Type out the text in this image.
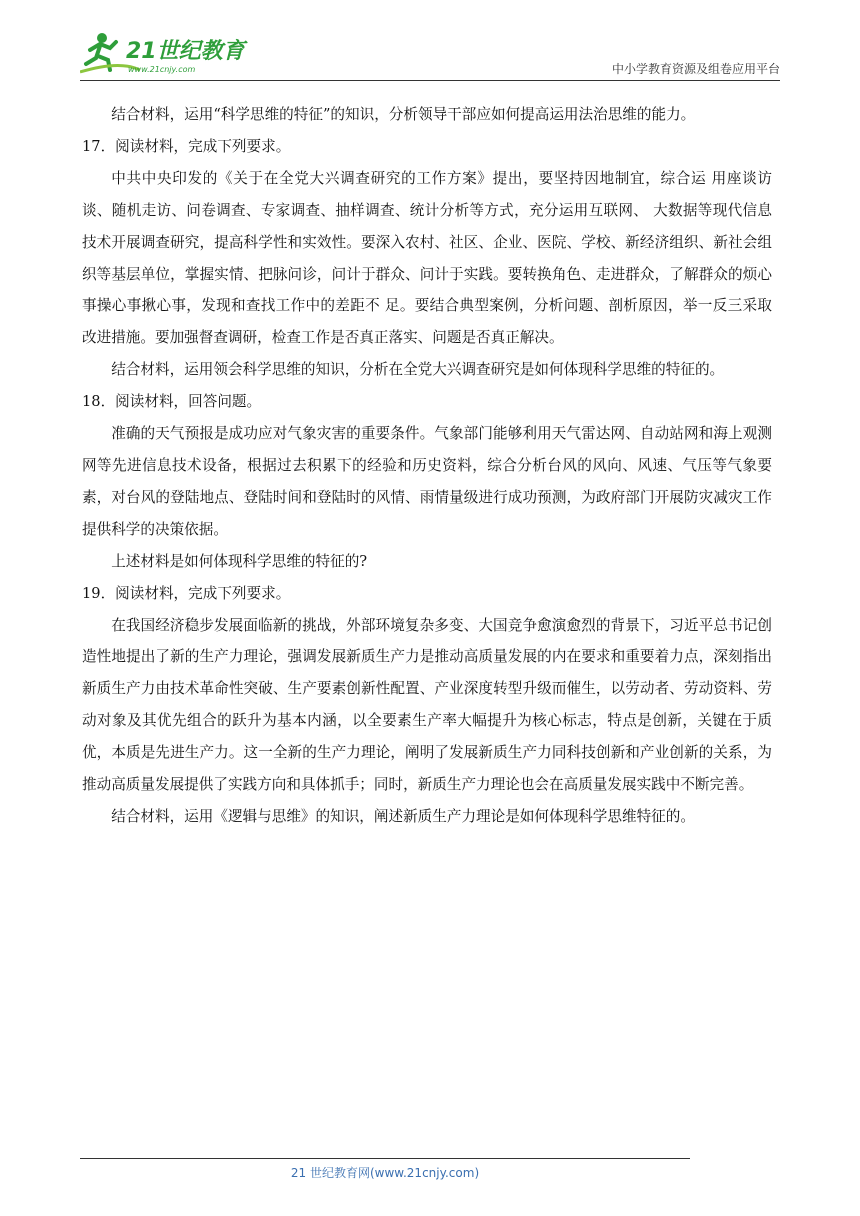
21世纪教育
www.21cnjy.com	中小学教育资源及组卷应用平台

结合材料，运用“科学思维的特征”的知识，分析领导干部应如何提高运用法治思维的能力。

17．阅读材料，完成下列要求。

中共中央印发的《关于在全党大兴调查研究的工作方案》提出，要坚持因地制宜，综合运 用座谈访谈、随机走访、问卷调查、专家调查、抽样调查、统计分析等方式，充分运用互联网、 大数据等现代信息技术开展调查研究，提高科学性和实效性。要深入农村、社区、企业、医院、学校、新经济组织、新社会组织等基层单位，掌握实情、把脉问诊，问计于群众、问计于实践。要转换角色、走进群众，了解群众的烦心事操心事揪心事，发现和查找工作中的差距不 足。要结合典型案例，分析问题、剖析原因，举一反三采取改进措施。要加强督查调研，检查工作是否真正落实、问题是否真正解决。

结合材料，运用领会科学思维的知识，分析在全党大兴调查研究是如何体现科学思维的特征的。

18．阅读材料，回答问题。

准确的天气预报是成功应对气象灾害的重要条件。气象部门能够利用天气雷达网、自动站网和海上观测网等先进信息技术设备，根据过去积累下的经验和历史资料，综合分析台风的风向、风速、气压等气象要素，对台风的登陆地点、登陆时间和登陆时的风情、雨情量级进行成功预测，为政府部门开展防灾减灾工作提供科学的决策依据。

上述材料是如何体现科学思维的特征的?

19．阅读材料，完成下列要求。

在我国经济稳步发展面临新的挑战，外部环境复杂多变、大国竞争愈演愈烈的背景下，习近平总书记创造性地提出了新的生产力理论，强调发展新质生产力是推动高质量发展的内在要求和重要着力点，深刻指出新质生产力由技术革命性突破、生产要素创新性配置、产业深度转型升级而催生，以劳动者、劳动资料、劳动对象及其优先组合的跃升为基本内涵，以全要素生产率大幅提升为核心标志，特点是创新，关键在于质优，本质是先进生产力。这一全新的生产力理论，阐明了发展新质生产力同科技创新和产业创新的关系，为推动高质量发展提供了实践方向和具体抓手；同时，新质生产力理论也会在高质量发展实践中不断完善。

结合材料，运用《逻辑与思维》的知识，阐述新质生产力理论是如何体现科学思维特征的。

21 世纪教育网(www.21cnjy.com)
